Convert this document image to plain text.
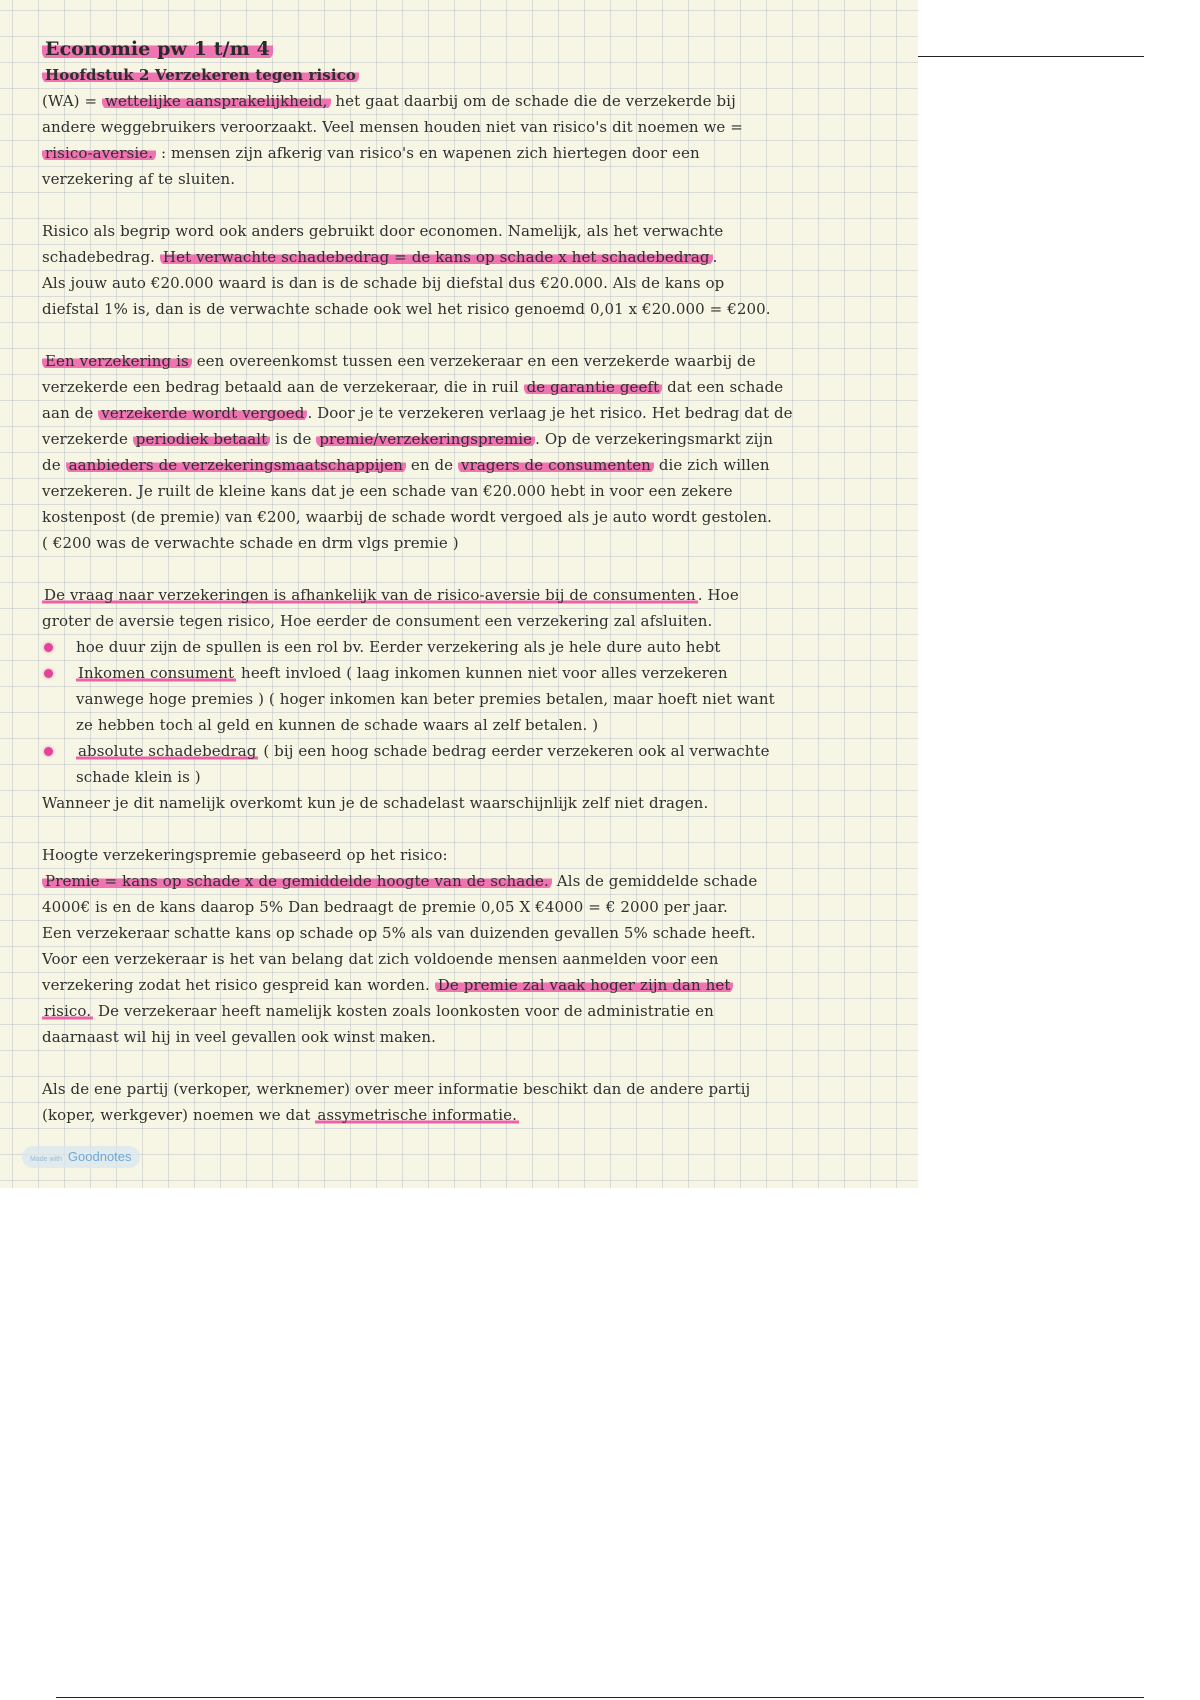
Economie pw 1 t/m 4
Hoofdstuk 2 Verzekeren tegen risico
(WA) = wettelijke aansprakelijkheid, het gaat daarbij om de schade die de verzekerde bij
andere weggebruikers veroorzaakt. Veel mensen houden niet van risico's dit noemen we =
risico-aversie. : mensen zijn afkerig van risico's en wapenen zich hiertegen door een
verzekering af te sluiten.
Risico als begrip word ook anders gebruikt door economen. Namelijk, als het verwachte
schadebedrag. Het verwachte schadebedrag = de kans op schade x het schadebedrag .
Als jouw auto €20.000 waard is dan is de schade bij diefstal dus €20.000. Als de kans op
diefstal 1% is, dan is de verwachte schade ook wel het risico genoemd 0,01 x €20.000 = €200.
Een verzekering is een overeenkomst tussen een verzekeraar en een verzekerde waarbij de
verzekerde een bedrag betaald aan de verzekeraar, die in ruil de garantie geeft dat een schade
aan de verzekerde wordt vergoed . Door je te verzekeren verlaag je het risico. Het bedrag dat de
verzekerde periodiek betaalt is de premie/verzekeringspremie . Op de verzekeringsmarkt zijn
de aanbieders de verzekeringsmaatschappijen en de vragers de consumenten die zich willen
verzekeren. Je ruilt de kleine kans dat je een schade van €20.000 hebt in voor een zekere
kostenpost (de premie) van €200, waarbij de schade wordt vergoed als je auto wordt gestolen.
( €200 was de verwachte schade en drm vlgs premie )
De vraag naar verzekeringen is afhankelijk van de risico-aversie bij de consumenten . Hoe
groter de aversie tegen risico, Hoe eerder de consument een verzekering zal afsluiten.
hoe duur zijn de spullen is een rol bv. Eerder verzekering als je hele dure auto hebt
Inkomen consument heeft invloed ( laag inkomen kunnen niet voor alles verzekeren
vanwege hoge premies ) ( hoger inkomen kan beter premies betalen, maar hoeft niet want
ze hebben toch al geld en kunnen de schade waars al zelf betalen. )
absolute schadebedrag ( bij een hoog schade bedrag eerder verzekeren ook al verwachte
schade klein is )
Wanneer je dit namelijk overkomt kun je de schadelast waarschijnlijk zelf niet dragen.
Hoogte verzekeringspremie gebaseerd op het risico:
Premie = kans op schade x de gemiddelde hoogte van de schade. Als de gemiddelde schade
4000€ is en de kans daarop 5% Dan bedraagt de premie 0,05 X €4000 = € 2000 per jaar.
Een verzekeraar schatte kans op schade op 5% als van duizenden gevallen 5% schade heeft.
Voor een verzekeraar is het van belang dat zich voldoende mensen aanmelden voor een
verzekering zodat het risico gespreid kan worden. De premie zal vaak hoger zijn dan het
risico. De verzekeraar heeft namelijk kosten zoals loonkosten voor de administratie en
daarnaast wil hij in veel gevallen ook winst maken.
Als de ene partij (verkoper, werknemer) over meer informatie beschikt dan de andere partij
(koper, werkgever) noemen we dat assymetrische informatie.
Made with Goodnotes
